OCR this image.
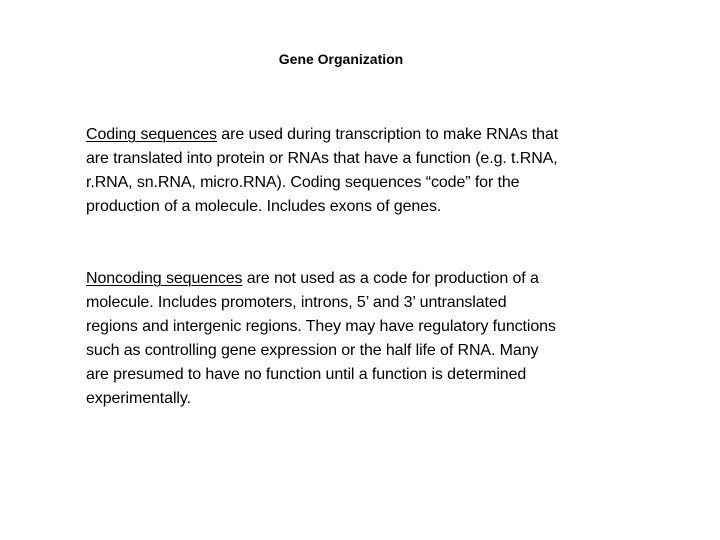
Gene Organization
Coding sequences are used during transcription to make RNAs that
are translated into protein or RNAs that have a function (e.g. t.RNA,
r.RNA, sn.RNA, micro.RNA). Coding sequences “code” for the
production of a molecule. Includes exons of genes.
Noncoding sequences are not used as a code for production of a
molecule. Includes promoters, introns, 5’ and 3’ untranslated
regions and intergenic regions. They may have regulatory functions
such as controlling gene expression or the half life of RNA. Many
are presumed to have no function until a function is determined
experimentally.
